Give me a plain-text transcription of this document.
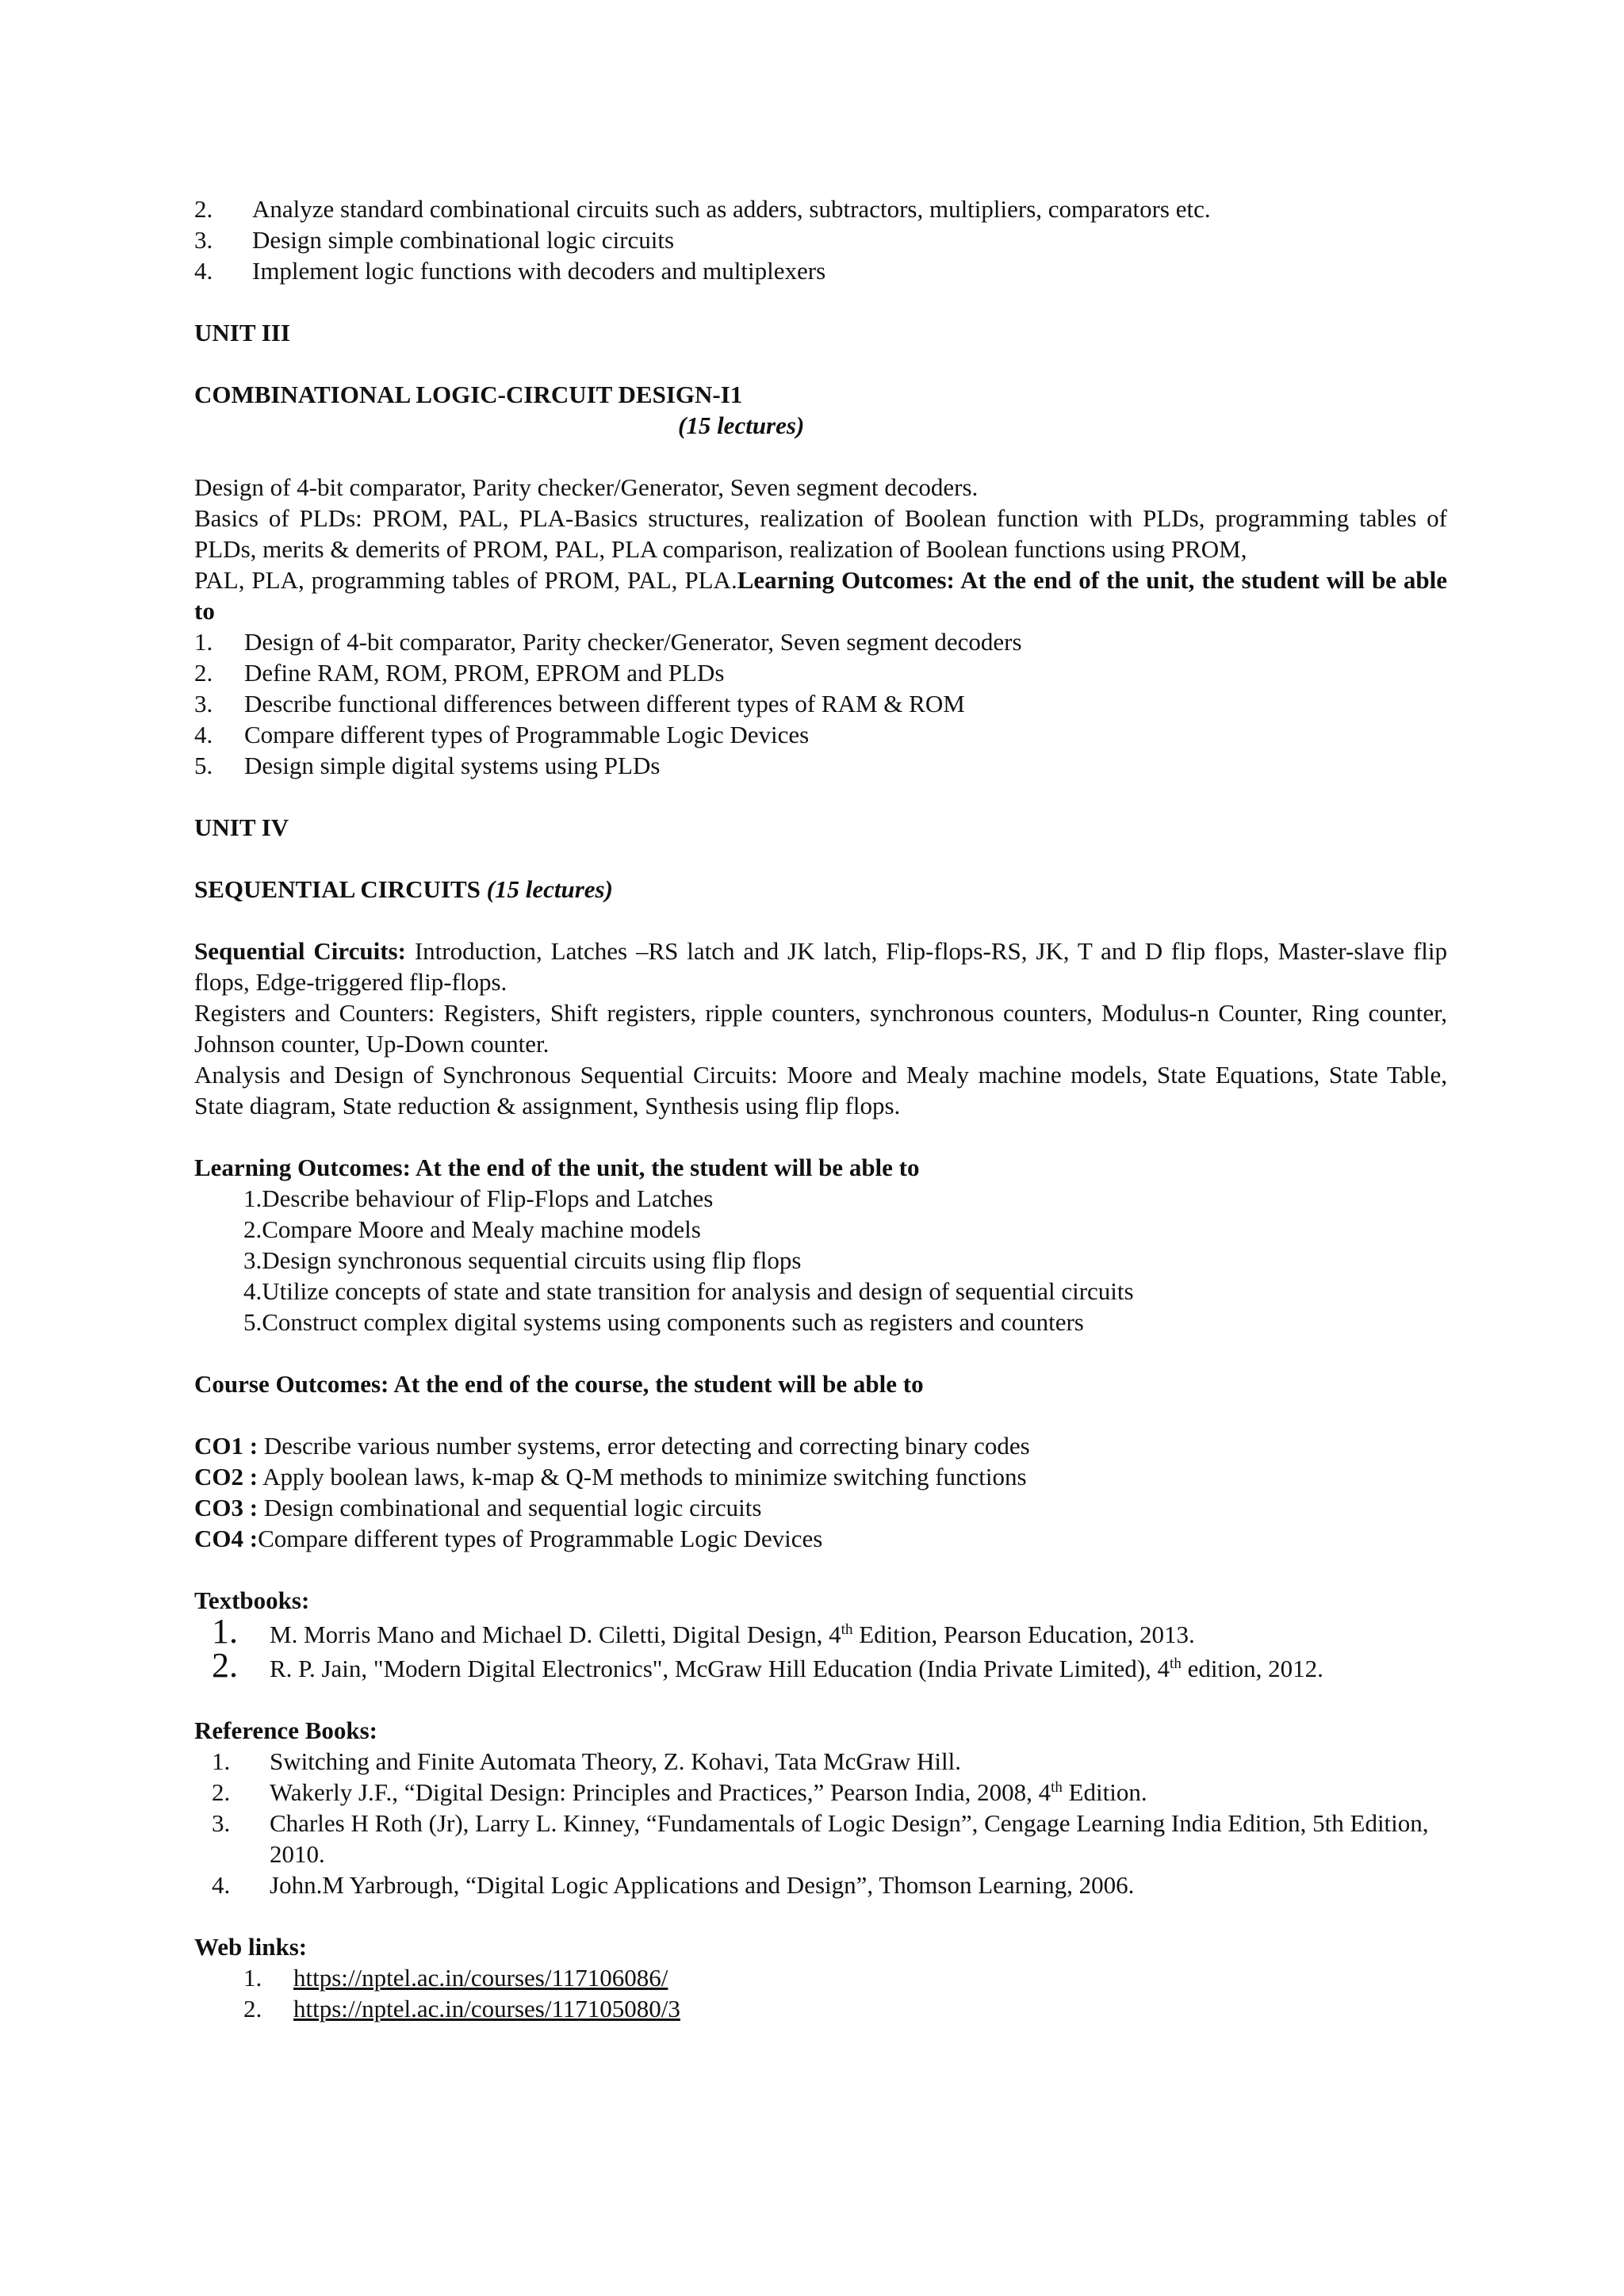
2.	Analyze standard combinational circuits such as adders, subtractors, multipliers, comparators etc.
3.	Design simple combinational logic circuits
4.	Implement logic functions with decoders and multiplexers
UNIT III
COMBINATIONAL LOGIC-CIRCUIT DESIGN-I1
(15 lectures)
Design of 4-bit comparator, Parity checker/Generator, Seven segment decoders.
Basics of PLDs: PROM, PAL, PLA-Basics structures, realization of Boolean function with PLDs, programming tables of PLDs, merits & demerits of PROM, PAL, PLA comparison, realization of Boolean functions using PROM,
PAL, PLA, programming tables of PROM, PAL, PLA.Learning Outcomes: At the end of the unit, the student will be able to
1.	Design of 4-bit comparator, Parity checker/Generator, Seven segment decoders
2.	Define RAM, ROM, PROM, EPROM and PLDs
3.	Describe functional differences between different types of RAM & ROM
4.	Compare different types of Programmable Logic Devices
5.	Design simple digital systems using PLDs
UNIT IV
SEQUENTIAL CIRCUITS (15 lectures)
Sequential Circuits: Introduction, Latches –RS latch and JK latch, Flip-flops-RS, JK, T and D flip flops, Master-slave flip flops, Edge-triggered flip-flops.
Registers and Counters: Registers, Shift registers, ripple counters, synchronous counters, Modulus-n Counter, Ring counter, Johnson counter, Up-Down counter.
Analysis and Design of Synchronous Sequential Circuits: Moore and Mealy machine models, State Equations, State Table, State diagram, State reduction & assignment, Synthesis using flip flops.
Learning Outcomes: At the end of the unit, the student will be able to
1.Describe behaviour of Flip-Flops and Latches
2.Compare Moore and Mealy machine models
3.Design synchronous sequential circuits using flip flops
4.Utilize concepts of state and state transition for analysis and design of sequential circuits
5.Construct complex digital systems using components such as registers and counters
Course Outcomes: At the end of the course, the student will be able to
CO1 : Describe various number systems, error detecting and correcting binary codes
CO2 : Apply boolean laws, k-map & Q-M methods to minimize switching functions
CO3 : Design combinational and sequential logic circuits
CO4 :Compare different types of Programmable Logic Devices
Textbooks:
1.	M. Morris Mano and Michael D. Ciletti, Digital Design, 4th Edition, Pearson Education, 2013.
2.	R. P. Jain, "Modern Digital Electronics", McGraw Hill Education (India Private Limited), 4th edition, 2012.
Reference Books:
1.	Switching and Finite Automata Theory, Z. Kohavi, Tata McGraw Hill.
2.	Wakerly J.F., “Digital Design: Principles and Practices,” Pearson India, 2008, 4th Edition.
3.	Charles H Roth (Jr), Larry L. Kinney, “Fundamentals of Logic Design”, Cengage Learning India Edition, 5th Edition, 2010.
4.	John.M Yarbrough, “Digital Logic Applications and Design”, Thomson Learning, 2006.
Web links:
1.	https://nptel.ac.in/courses/117106086/
2.	https://nptel.ac.in/courses/117105080/3
